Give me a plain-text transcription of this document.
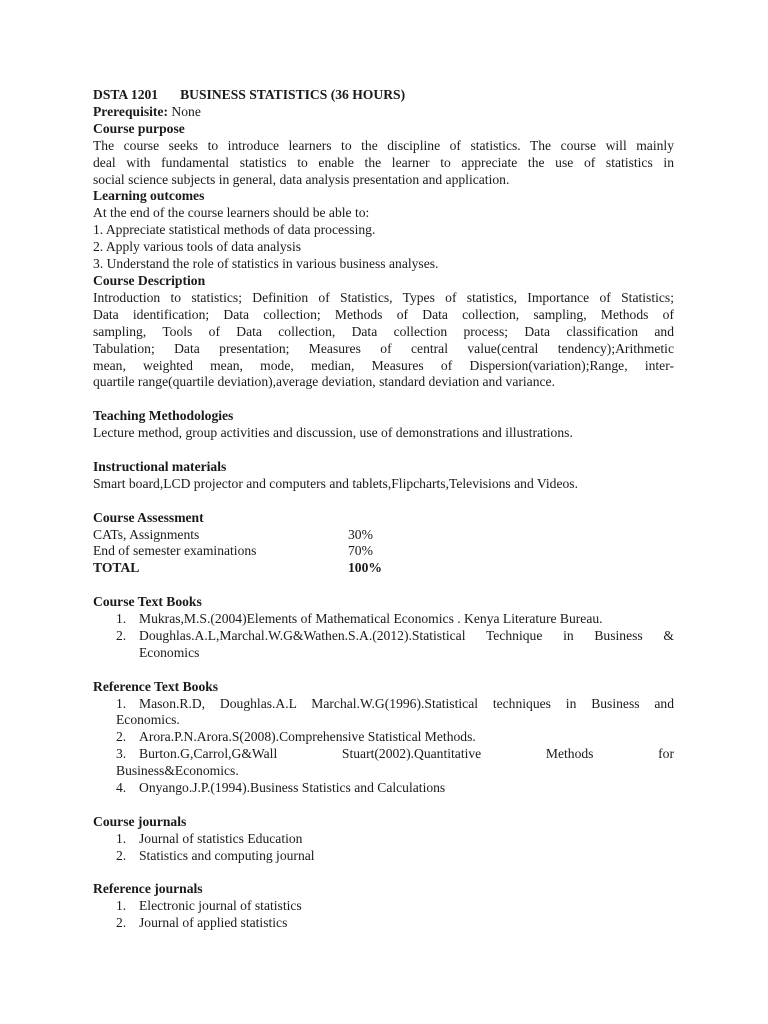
DSTA 1201 BUSINESS STATISTICS (36 HOURS)
Prerequisite: None
Course purpose
The course seeks to introduce learners to the discipline of statistics. The course will mainly
deal with fundamental statistics to enable the learner to appreciate the use of statistics in
social science subjects in general, data analysis presentation and application.
Learning outcomes
At the end of the course learners should be able to:
1. Appreciate statistical methods of data processing.
2. Apply various tools of data analysis
3. Understand the role of statistics in various business analyses.
Course Description
Introduction to statistics; Definition of Statistics, Types of statistics, Importance of Statistics;
Data identification; Data collection; Methods of Data collection, sampling, Methods of
sampling, Tools of Data collection, Data collection process; Data classification and
Tabulation; Data presentation; Measures of central value(central tendency);Arithmetic
mean, weighted mean, mode, median, Measures of Dispersion(variation);Range, inter-
quartile range(quartile deviation),average deviation, standard deviation and variance.
Teaching Methodologies
Lecture method, group activities and discussion, use of demonstrations and illustrations.
Instructional materials
Smart board,LCD projector and computers and tablets,Flipcharts,Televisions and Videos.
Course Assessment
CATs, Assignments	30%
End of semester examinations	70%
TOTAL	100%
Course Text Books
1. Mukras,M.S.(2004)Elements of Mathematical Economics . Kenya Literature Bureau.
2. Doughlas.A.L,Marchal.W.G&Wathen.S.A.(2012).Statistical Technique in Business &
Economics
Reference Text Books
1. Mason.R.D, Doughlas.A.L Marchal.W.G(1996).Statistical techniques in Business and
Economics.
2. Arora.P.N.Arora.S(2008).Comprehensive Statistical Methods.
3. Burton.G,Carrol,G&Wall Stuart(2002).Quantitative Methods for
Business&Economics.
4. Onyango.J.P.(1994).Business Statistics and Calculations
Course journals
1. Journal of statistics Education
2. Statistics and computing journal
Reference journals
1. Electronic journal of statistics
2. Journal of applied statistics
